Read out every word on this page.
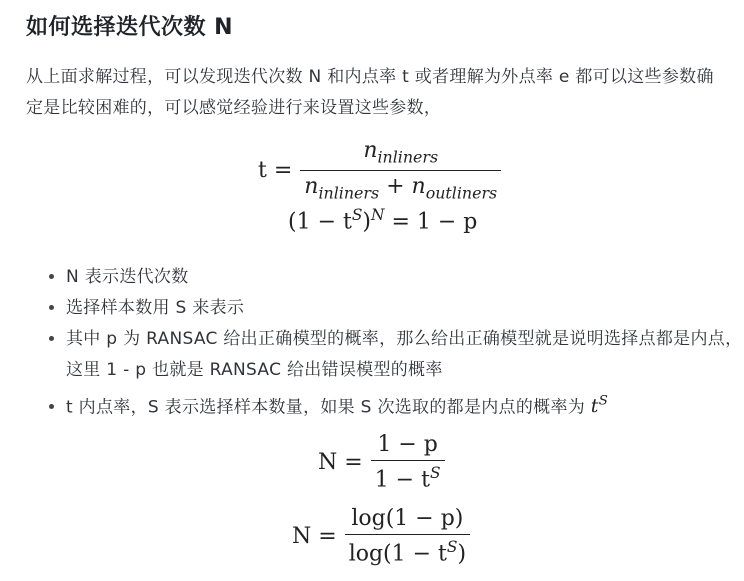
如何选择迭代次数 N

从上面求解过程，可以发现迭代次数 N 和内点率 t 或者理解为外点率 e 都可以这些参数确定是比较困难的，可以感觉经验进行来设置这些参数，

$t = \frac{n_{inliners}}{n_{inliners} + n_{outliners}}$
$(1 - t^S)^N = 1 - p$
• N 表示迭代次数
• 选择样本数用 S 来表示
• 其中 p 为 RANSAC 给出正确模型的概率，那么给出正确模型就是说明选择点都是内点，这里 1 - p 也就是 RANSAC 给出错误模型的概率
• t 内点率，S 表示选择样本数量，如果 S 次选取的都是内点的概率为 $t^S$
$N = \frac{1 - p}{1 - t^S}$
$N = \frac{\log(1 - p)}{\log(1 - t^S)}$
